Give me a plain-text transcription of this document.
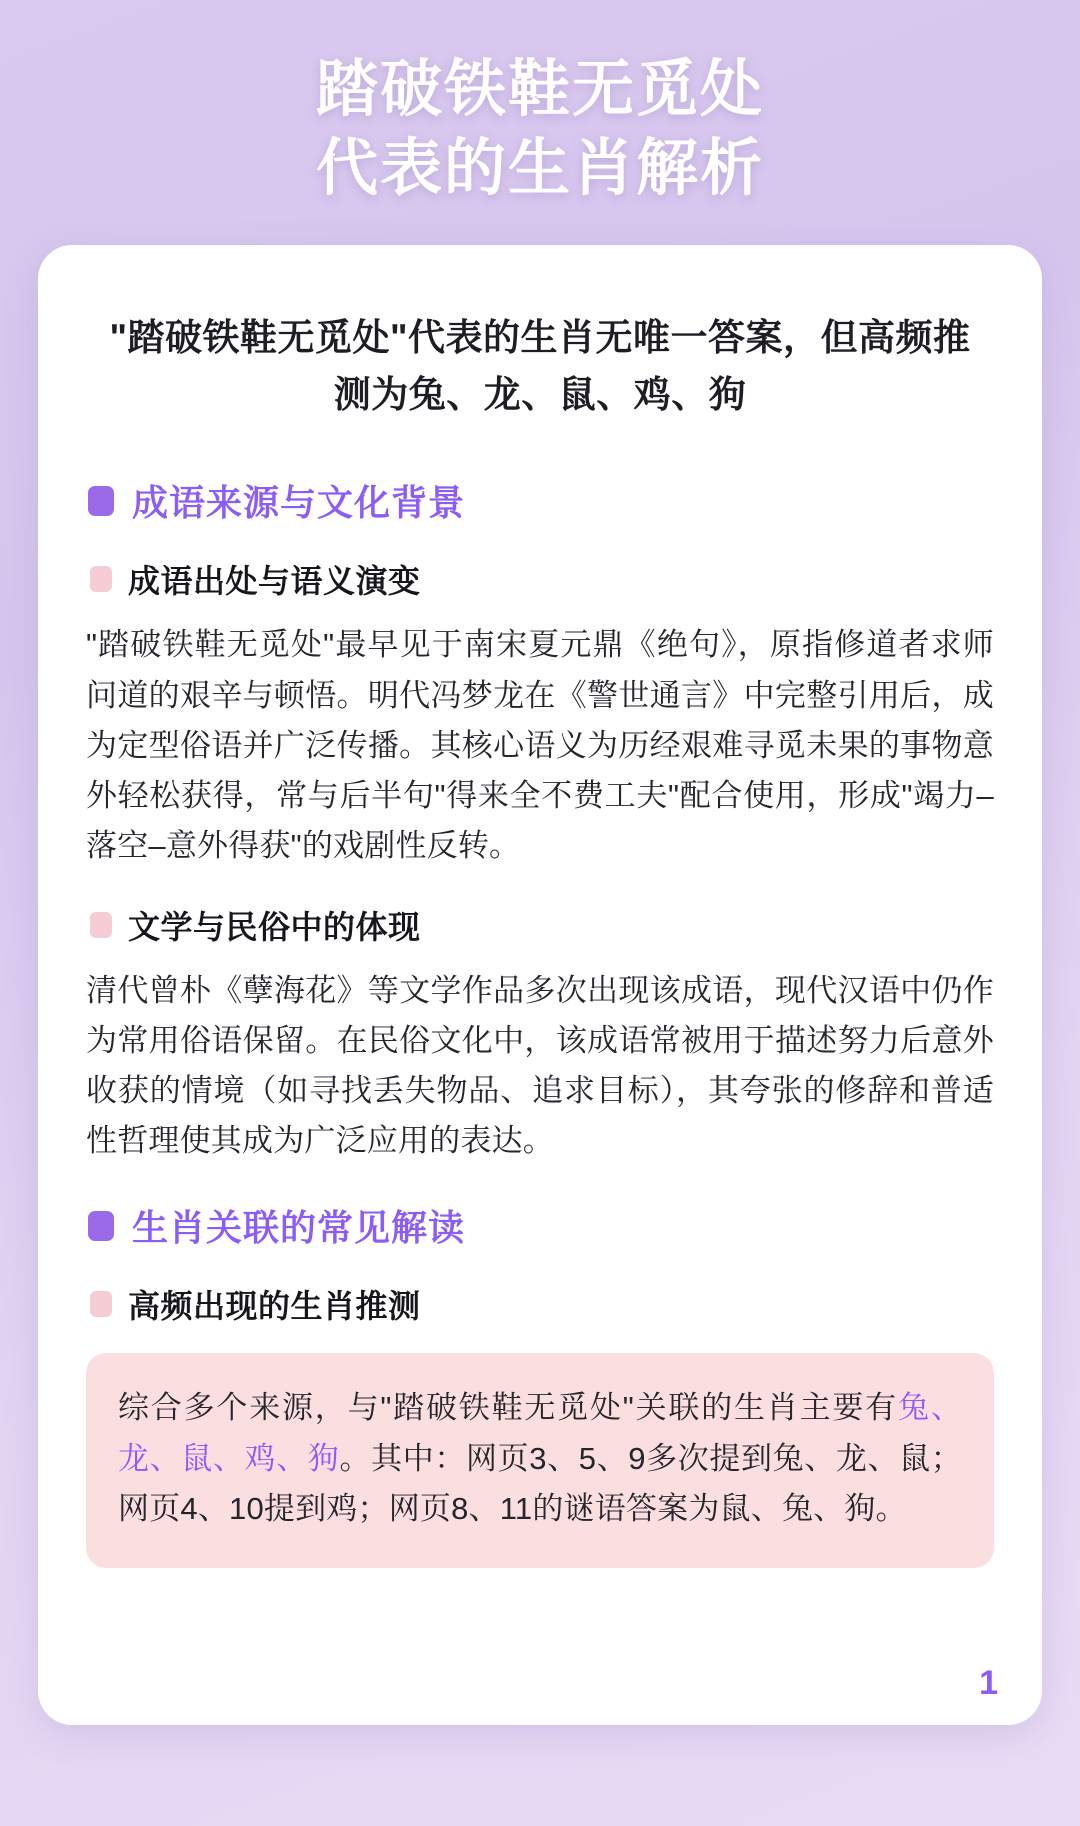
踏破铁鞋无觅处
代表的生肖解析
"踏破铁鞋无觅处"代表的生肖无唯一答案，但高频推测为兔、龙、鼠、鸡、狗
成语来源与文化背景
成语出处与语义演变

"踏破铁鞋无觅处"最早见于南宋夏元鼎《绝句》，原指修道者求师问道的艰辛与顿悟。明代冯梦龙在《警世通言》中完整引用后，成为定型俗语并广泛传播。其核心语义为历经艰难寻觅未果的事物意外轻松获得，常与后半句"得来全不费工夫"配合使用，形成"竭力–落空–意外得获"的戏剧性反转。

文学与民俗中的体现

清代曾朴《孽海花》等文学作品多次出现该成语，现代汉语中仍作为常用俗语保留。在民俗文化中，该成语常被用于描述努力后意外收获的情境（如寻找丢失物品、追求目标），其夸张的修辞和普适性哲理使其成为广泛应用的表达。

生肖关联的常见解读
高频出现的生肖推测

综合多个来源，与"踏破铁鞋无觅处"关联的生肖主要有兔、龙、鼠、鸡、狗。其中：网页3、5、9多次提到兔、龙、鼠；网页4、10提到鸡；网页8、11的谜语答案为鼠、兔、狗。

1
